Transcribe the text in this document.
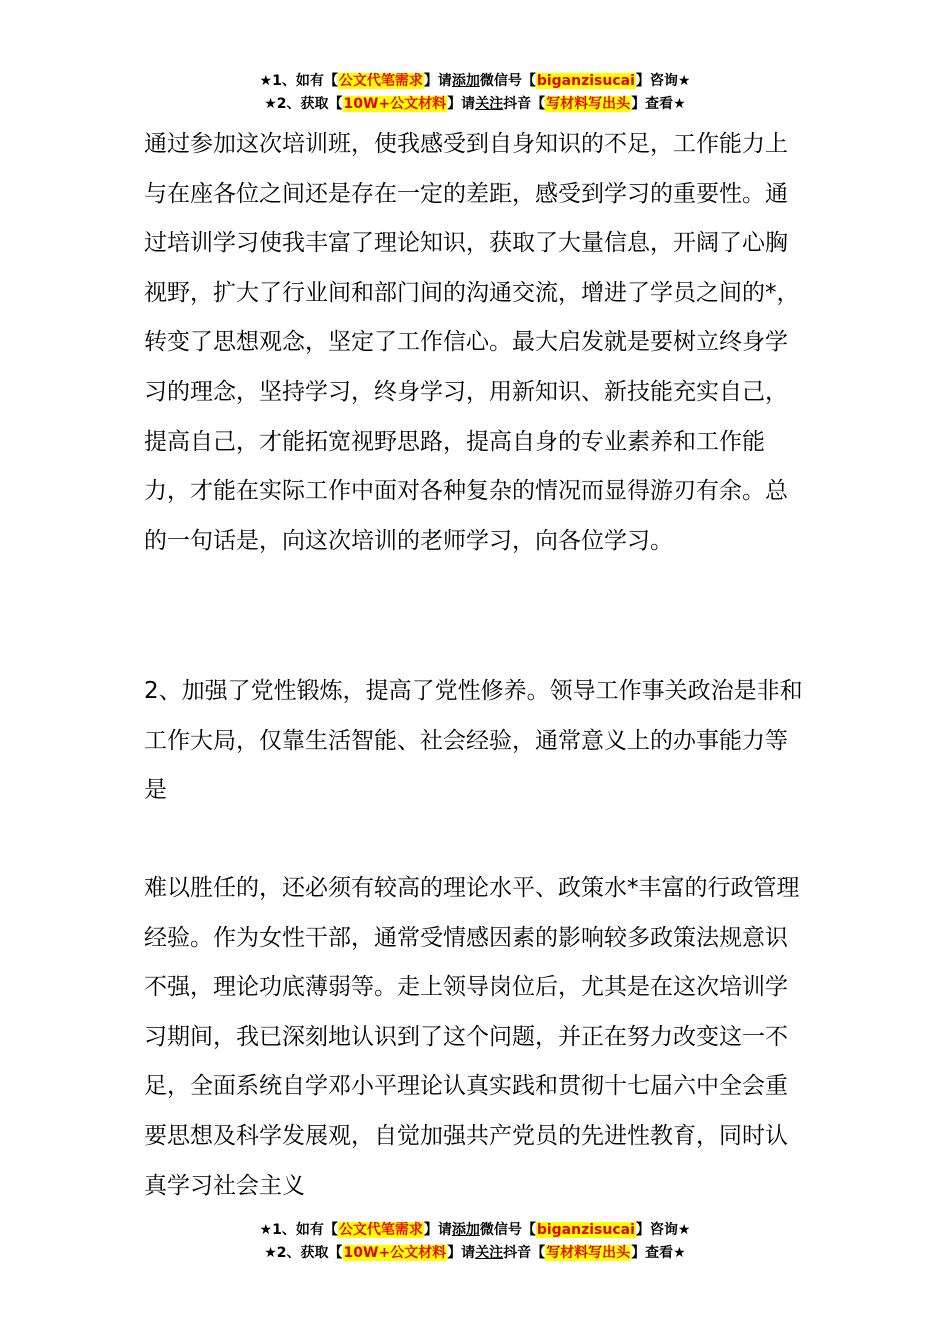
★1、如有【公文代笔需求】请添加微信号【biganzisucai】咨询★
★2、获取【10W+公文材料】请关注抖音【写材料写出头】查看★

通过参加这次培训班，使我感受到自身知识的不足，工作能力上与在座各位之间还是存在一定的差距，感受到学习的重要性。通过培训学习使我丰富了理论知识，获取了大量信息，开阔了心胸视野，扩大了行业间和部门间的沟通交流，增进了学员之间的*，转变了思想观念，坚定了工作信心。最大启发就是要树立终身学习的理念，坚持学习，终身学习，用新知识、新技能充实自己，提高自己，才能拓宽视野思路，提高自身的专业素养和工作能力，才能在实际工作中面对各种复杂的情况而显得游刃有余。总的一句话是，向这次培训的老师学习，向各位学习。

2、加强了党性锻炼，提高了党性修养。领导工作事关政治是非和工作大局，仅靠生活智能、社会经验，通常意义上的办事能力等是

难以胜任的，还必须有较高的理论水平、政策水*丰富的行政管理经验。作为女性干部，通常受情感因素的影响较多政策法规意识不强，理论功底薄弱等。走上领导岗位后，尤其是在这次培训学习期间，我已深刻地认识到了这个问题，并正在努力改变这一不足，全面系统自学邓小平理论认真实践和贯彻十七届六中全会重要思想及科学发展观，自觉加强共产党员的先进性教育，同时认真学习社会主义

★1、如有【公文代笔需求】请添加微信号【biganzisucai】咨询★
★2、获取【10W+公文材料】请关注抖音【写材料写出头】查看★
